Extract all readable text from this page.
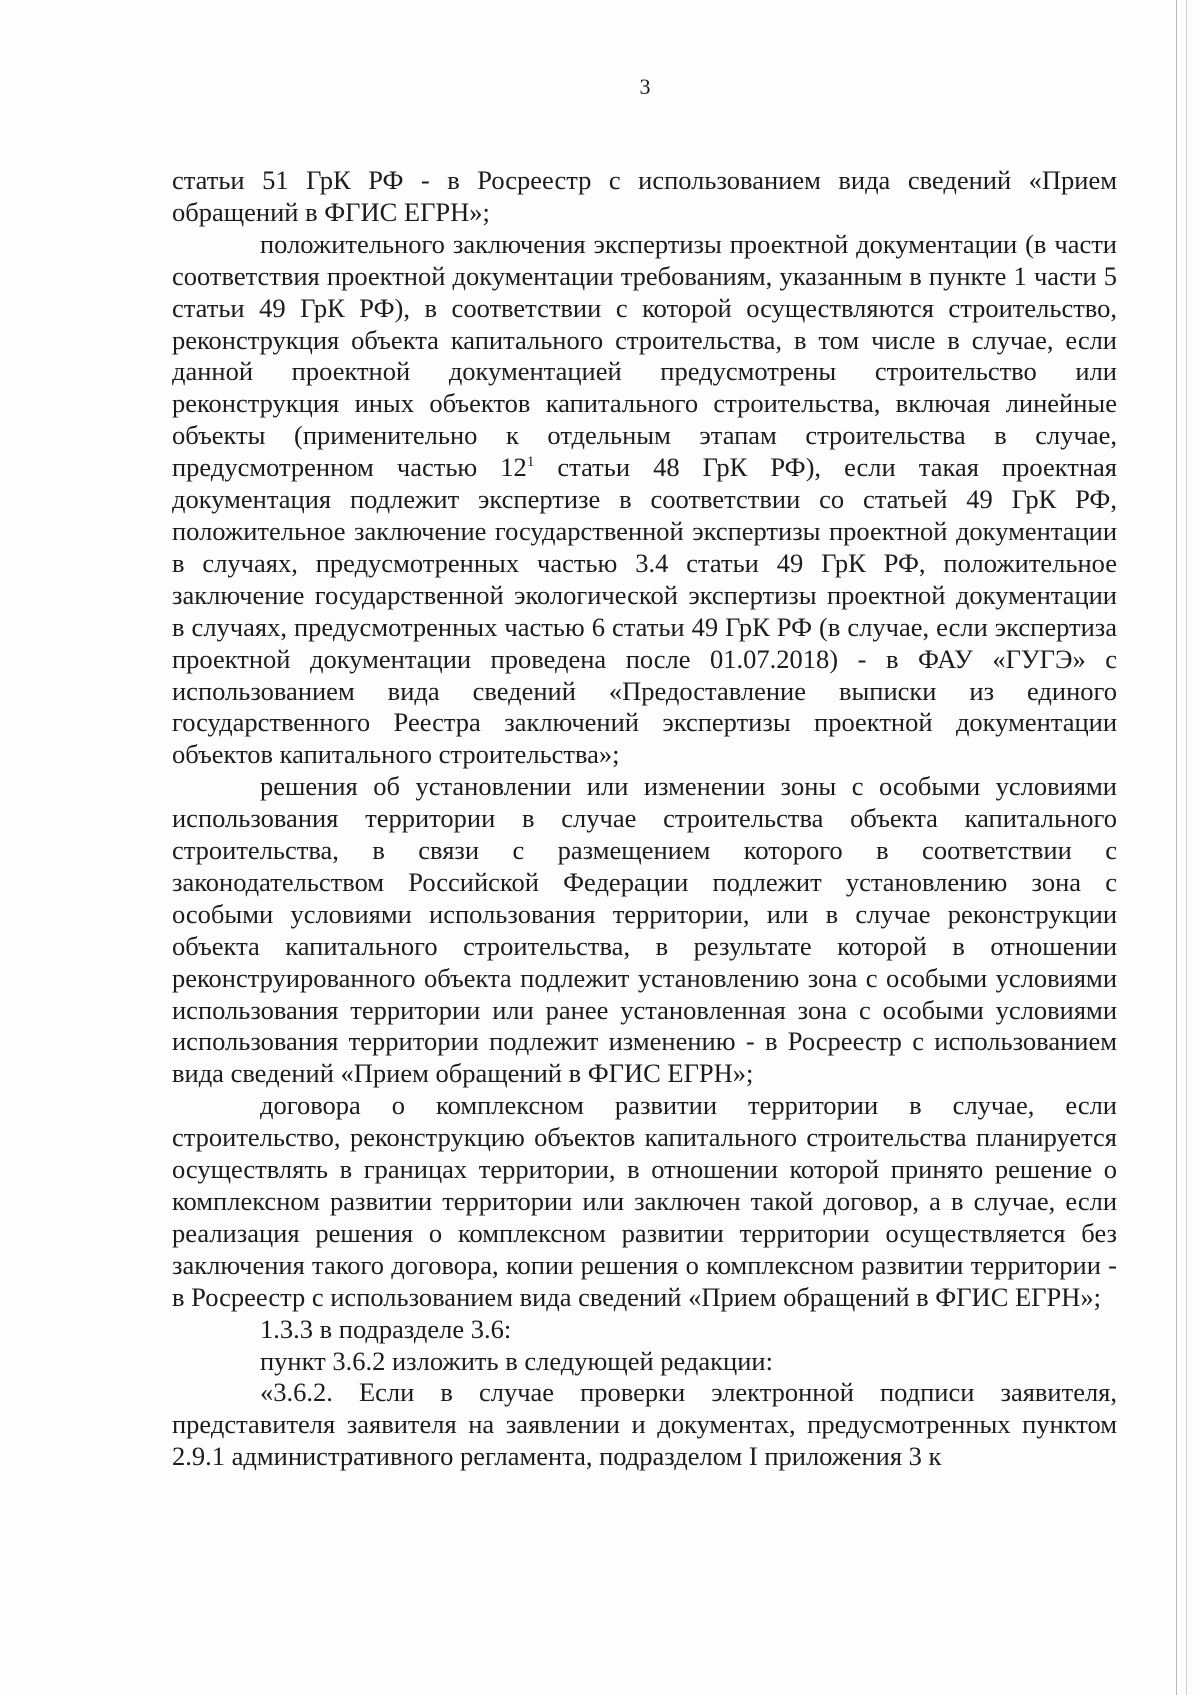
3

статьи 51 ГрК РФ - в Росреестр с использованием вида сведений «Прием обращений в ФГИС ЕГРН»;

положительного заключения экспертизы проектной документации (в части соответствия проектной документации требованиям, указанным в пункте 1 части 5 статьи 49 ГрК РФ), в соответствии с которой осуществляются строительство, реконструкция объекта капитального строительства, в том числе в случае, если данной проектной документацией предусмотрены строительство или реконструкция иных объектов капитального строительства, включая линейные объекты (применительно к отдельным этапам строительства в случае, предусмотренном частью $12^1$ статьи 48 ГрК РФ), если такая проектная документация подлежит экспертизе в соответствии со статьей 49 ГрК РФ, положительное заключение государственной экспертизы проектной документации в случаях, предусмотренных частью 3.4 статьи 49 ГрК РФ, положительное заключение государственной экологической экспертизы проектной документации в случаях, предусмотренных частью 6 статьи 49 ГрК РФ (в случае, если экспертиза проектной документации проведена после 01.07.2018) - в ФАУ «ГУГЭ» с использованием вида сведений «Предоставление выписки из единого государственного Реестра заключений экспертизы проектной документации объектов капитального строительства»;

решения об установлении или изменении зоны с особыми условиями использования территории в случае строительства объекта капитального строительства, в связи с размещением которого в соответствии с законодательством Российской Федерации подлежит установлению зона с особыми условиями использования территории, или в случае реконструкции объекта капитального строительства, в результате которой в отношении реконструированного объекта подлежит установлению зона с особыми условиями использования территории или ранее установленная зона с особыми условиями использования территории подлежит изменению - в Росреестр с использованием вида сведений «Прием обращений в ФГИС ЕГРН»;

договора о комплексном развитии территории в случае, если строительство, реконструкцию объектов капитального строительства планируется осуществлять в границах территории, в отношении которой принято решение о комплексном развитии территории или заключен такой договор, а в случае, если реализация решения о комплексном развитии территории осуществляется без заключения такого договора, копии решения о комплексном развитии территории - в Росреестр с использованием вида сведений «Прием обращений в ФГИС ЕГРН»;

1.3.3 в подразделе 3.6:

пункт 3.6.2 изложить в следующей редакции:

«3.6.2. Если в случае проверки электронной подписи заявителя, представителя заявителя на заявлении и документах, предусмотренных пунктом 2.9.1 административного регламента, подразделом I приложения 3 к
